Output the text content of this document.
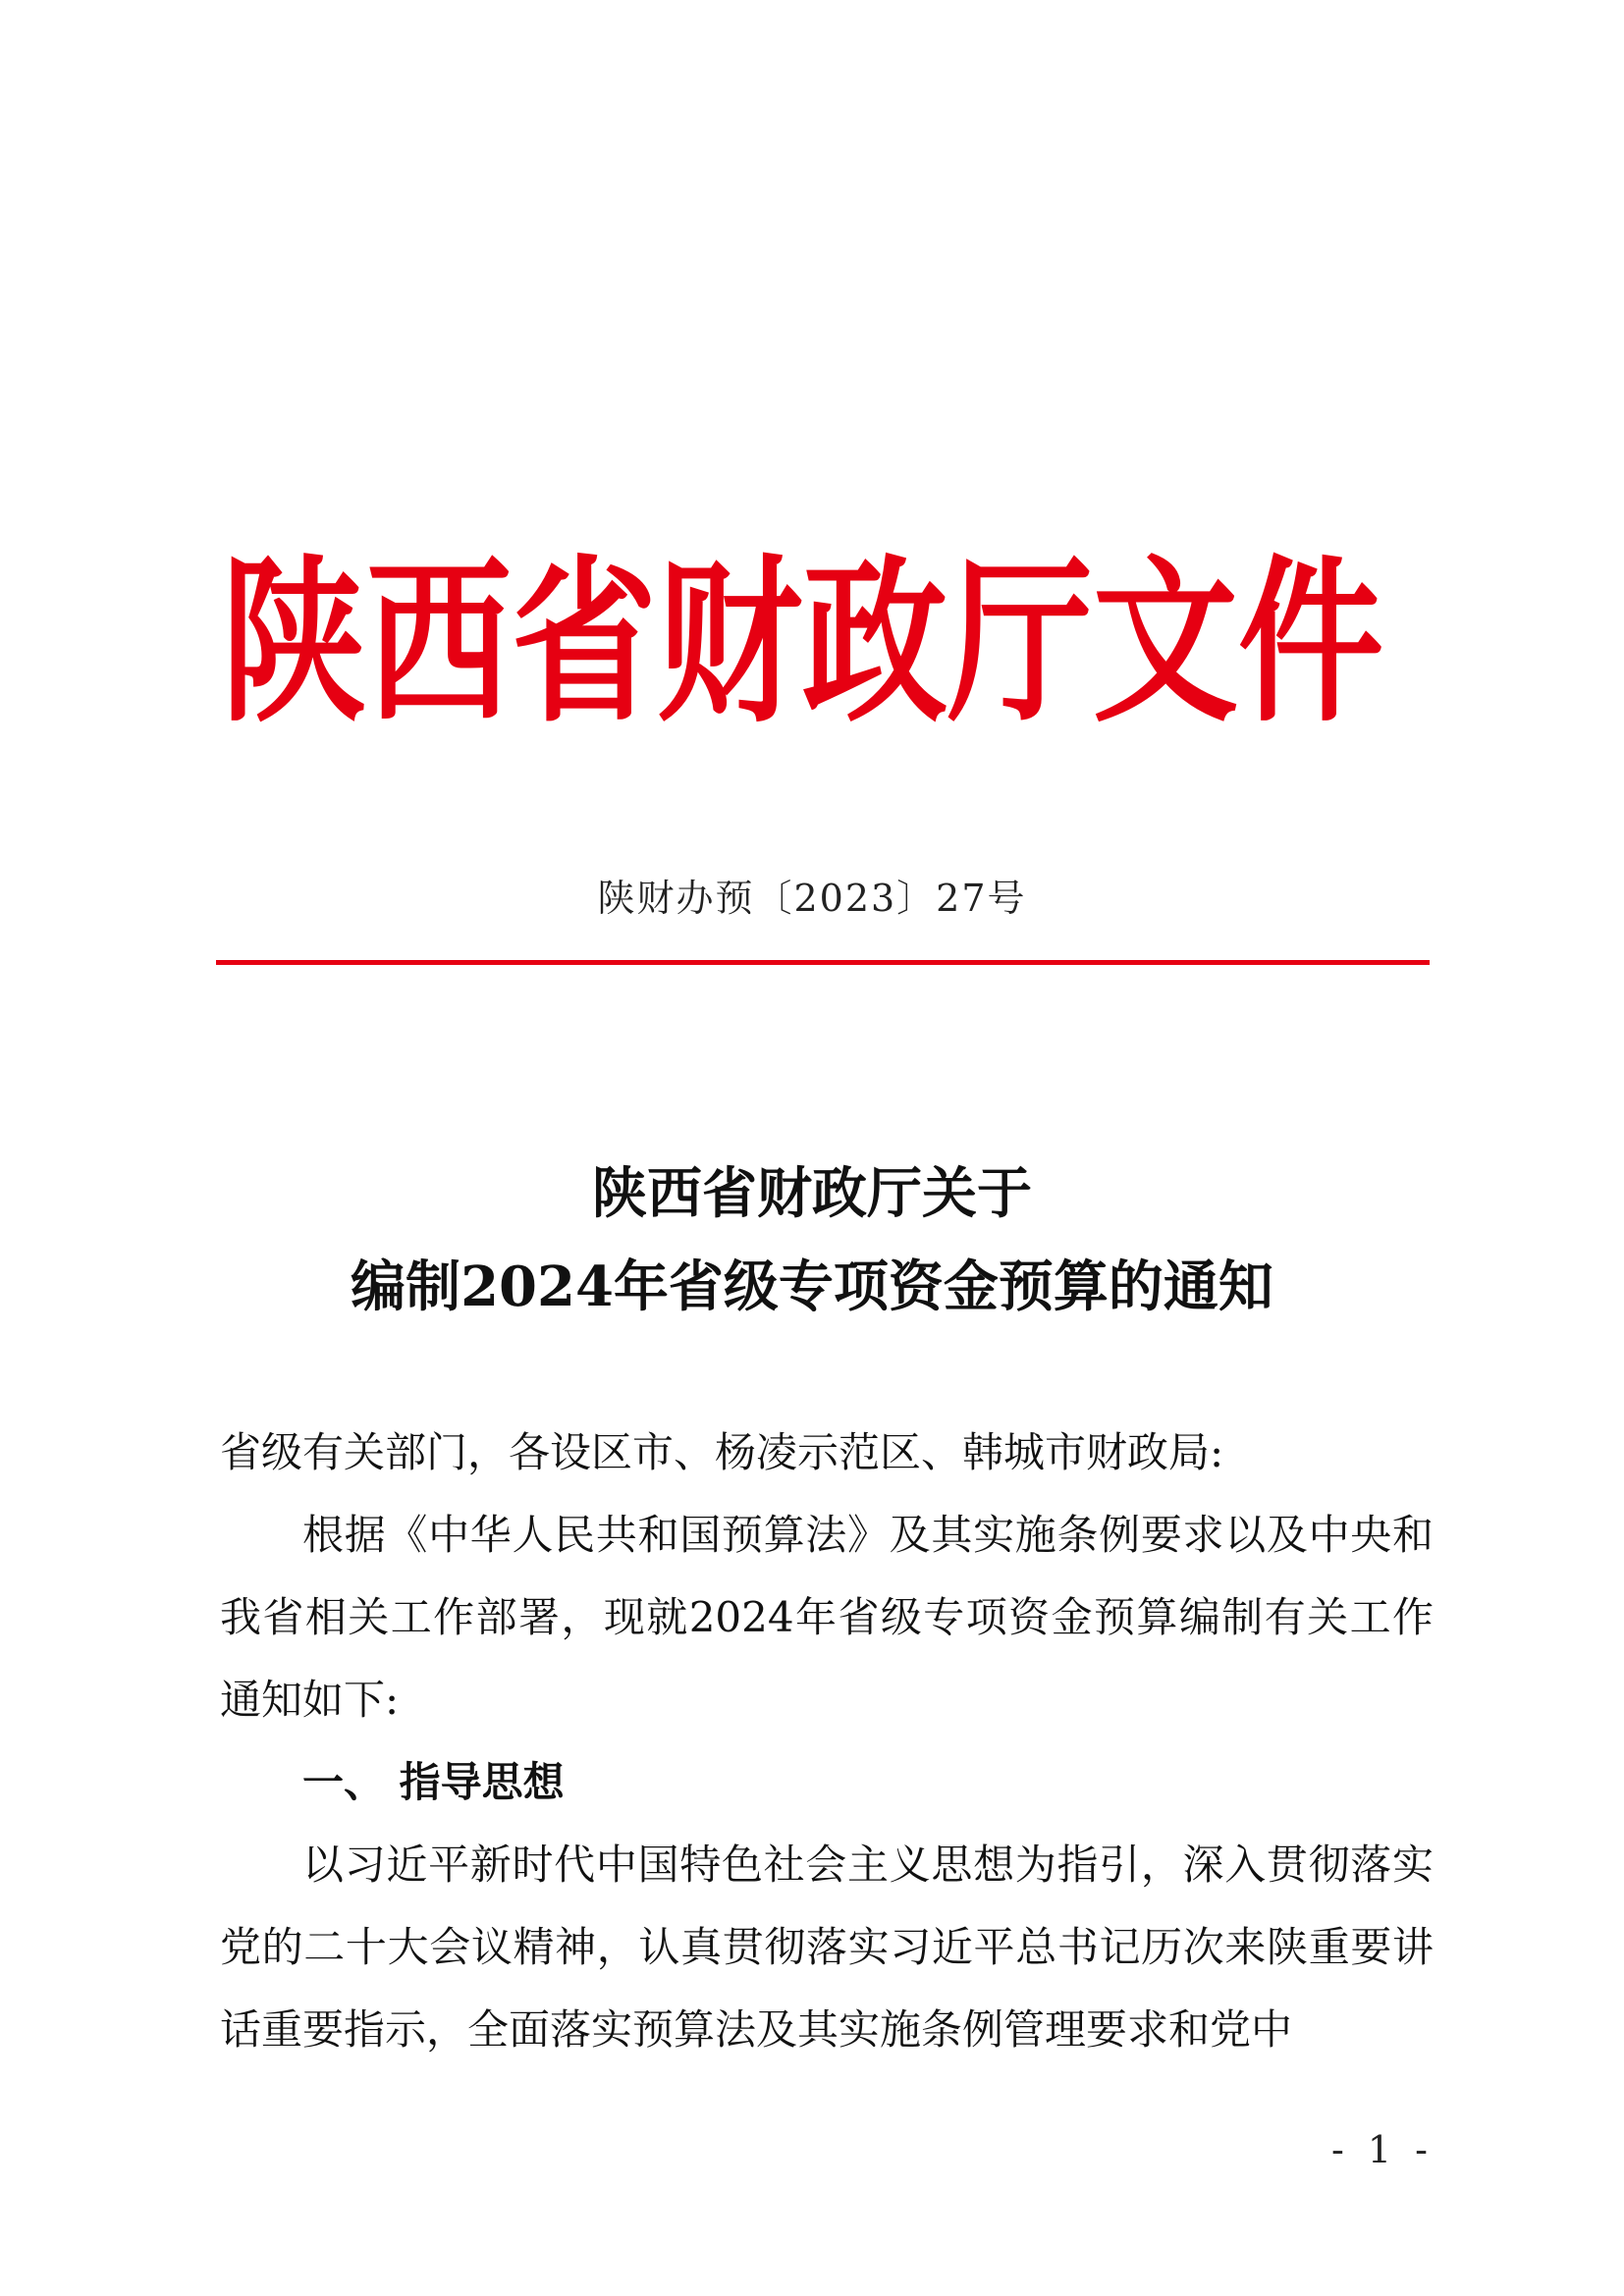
陕西省财政厅文件
陕财办预〔2023〕27号
陕西省财政厅关于
编制2024年省级专项资金预算的通知
省级有关部门，各设区市、杨凌示范区、韩城市财政局:
根据《中华人民共和国预算法》及其实施条例要求以及中央和我省相关工作部署，现就2024年省级专项资金预算编制有关工作通知如下:
一、 指导思想
以习近平新时代中国特色社会主义思想为指引，深入贯彻落实党的二十大会议精神，认真贯彻落实习近平总书记历次来陕重要讲话重要指示，全面落实预算法及其实施条例管理要求和党中
- 1 -
